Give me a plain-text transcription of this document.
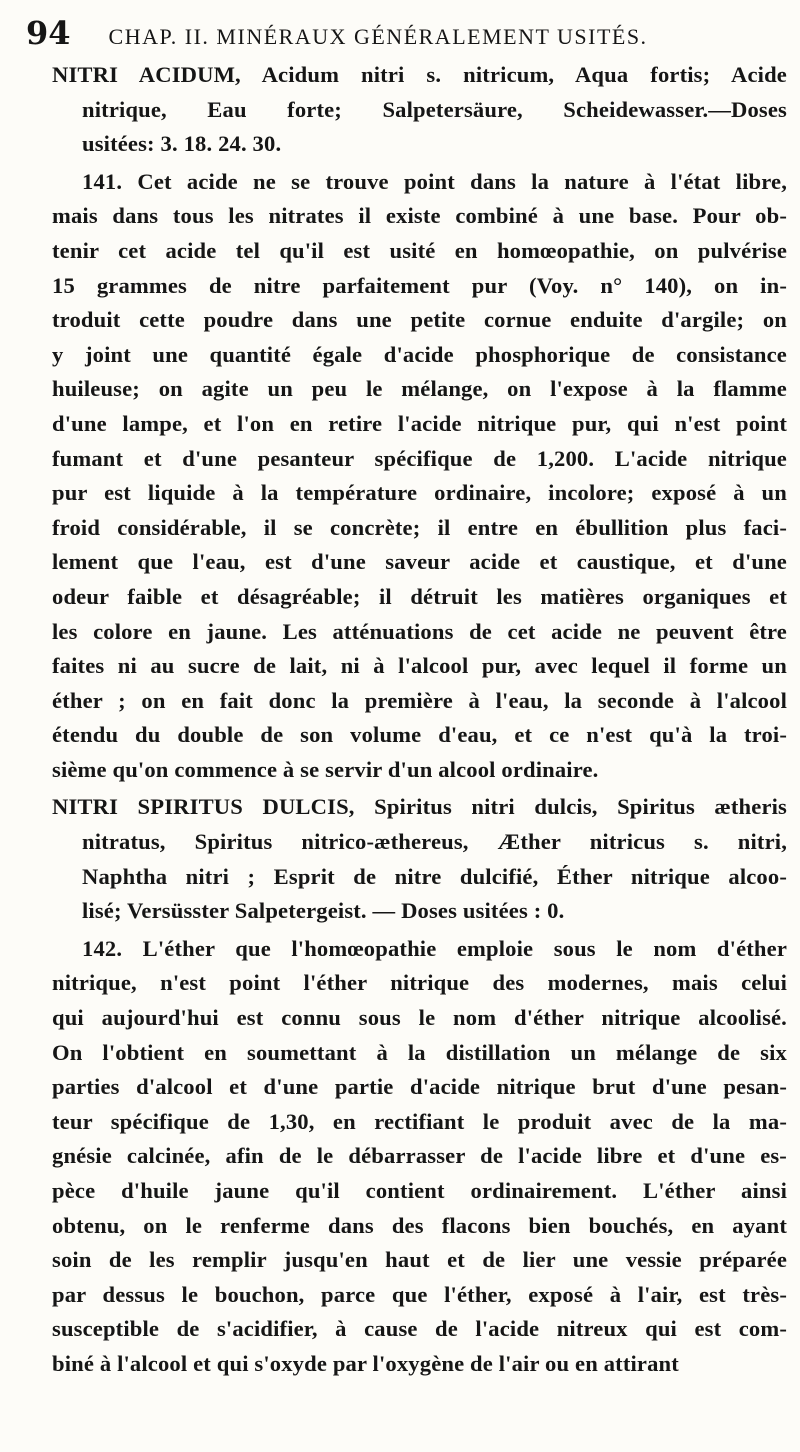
94 CHAP. II. MINÉRAUX GÉNÉRALEMENT USITÉS.
NITRI ACIDUM, Acidum nitri s. nitricum, Aqua fortis; Acide
nitrique, Eau forte; Salpetersäure, Scheidewasser.—Doses
usitées: 3. 18. 24. 30.
141. Cet acide ne se trouve point dans la nature à l'état libre,
mais dans tous les nitrates il existe combiné à une base. Pour ob-
tenir cet acide tel qu'il est usité en homœopathie, on pulvérise
15 grammes de nitre parfaitement pur (Voy. n° 140), on in-
troduit cette poudre dans une petite cornue enduite d'argile; on
y joint une quantité égale d'acide phosphorique de consistance
huileuse; on agite un peu le mélange, on l'expose à la flamme
d'une lampe, et l'on en retire l'acide nitrique pur, qui n'est point
fumant et d'une pesanteur spécifique de 1,200. L'acide nitrique
pur est liquide à la température ordinaire, incolore; exposé à un
froid considérable, il se concrète; il entre en ébullition plus faci-
lement que l'eau, est d'une saveur acide et caustique, et d'une
odeur faible et désagréable; il détruit les matières organiques et
les colore en jaune. Les atténuations de cet acide ne peuvent être
faites ni au sucre de lait, ni à l'alcool pur, avec lequel il forme un
éther ; on en fait donc la première à l'eau, la seconde à l'alcool
étendu du double de son volume d'eau, et ce n'est qu'à la troi-
sième qu'on commence à se servir d'un alcool ordinaire.
NITRI SPIRITUS DULCIS, Spiritus nitri dulcis, Spiritus ætheris
nitratus, Spiritus nitrico-æthereus, Æther nitricus s. nitri,
Naphtha nitri ; Esprit de nitre dulcifié, Éther nitrique alcoo-
lisé; Versüsster Salpetergeist. — Doses usitées : 0.
142. L'éther que l'homœopathie emploie sous le nom d'éther
nitrique, n'est point l'éther nitrique des modernes, mais celui
qui aujourd'hui est connu sous le nom d'éther nitrique alcoolisé.
On l'obtient en soumettant à la distillation un mélange de six
parties d'alcool et d'une partie d'acide nitrique brut d'une pesan-
teur spécifique de 1,30, en rectifiant le produit avec de la ma-
gnésie calcinée, afin de le débarrasser de l'acide libre et d'une es-
pèce d'huile jaune qu'il contient ordinairement. L'éther ainsi
obtenu, on le renferme dans des flacons bien bouchés, en ayant
soin de les remplir jusqu'en haut et de lier une vessie préparée
par dessus le bouchon, parce que l'éther, exposé à l'air, est très-
susceptible de s'acidifier, à cause de l'acide nitreux qui est com-
biné à l'alcool et qui s'oxyde par l'oxygène de l'air ou en attirant
